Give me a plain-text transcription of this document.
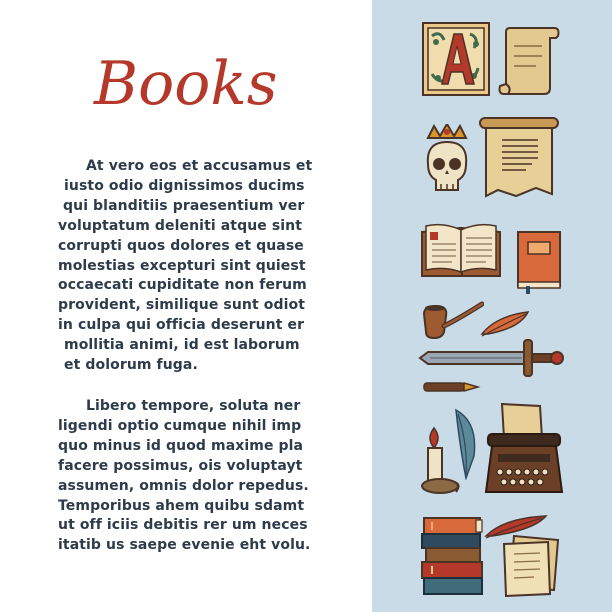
Books
At vero eos et accusamus et
iusto odio dignissimos ducims
qui blanditiis praesentium ver
voluptatum deleniti atque sint
corrupti quos dolores et quase
molestias excepturi sint quiest
occaecati cupiditate non ferum
provident, similique sunt odiot
in culpa qui officia deserunt er
mollitia animi, id est laborum
et dolorum fuga.
Libero tempore, soluta ner
ligendi optio cumque nihil imp
quo minus id quod maxime pla
facere possimus, ois voluptayt
assumen, omnis dolor repedus.
Temporibus ahem quibu sdamt
ut off iciis debitis rer um neces
itatib us saepe evenie eht volu.
